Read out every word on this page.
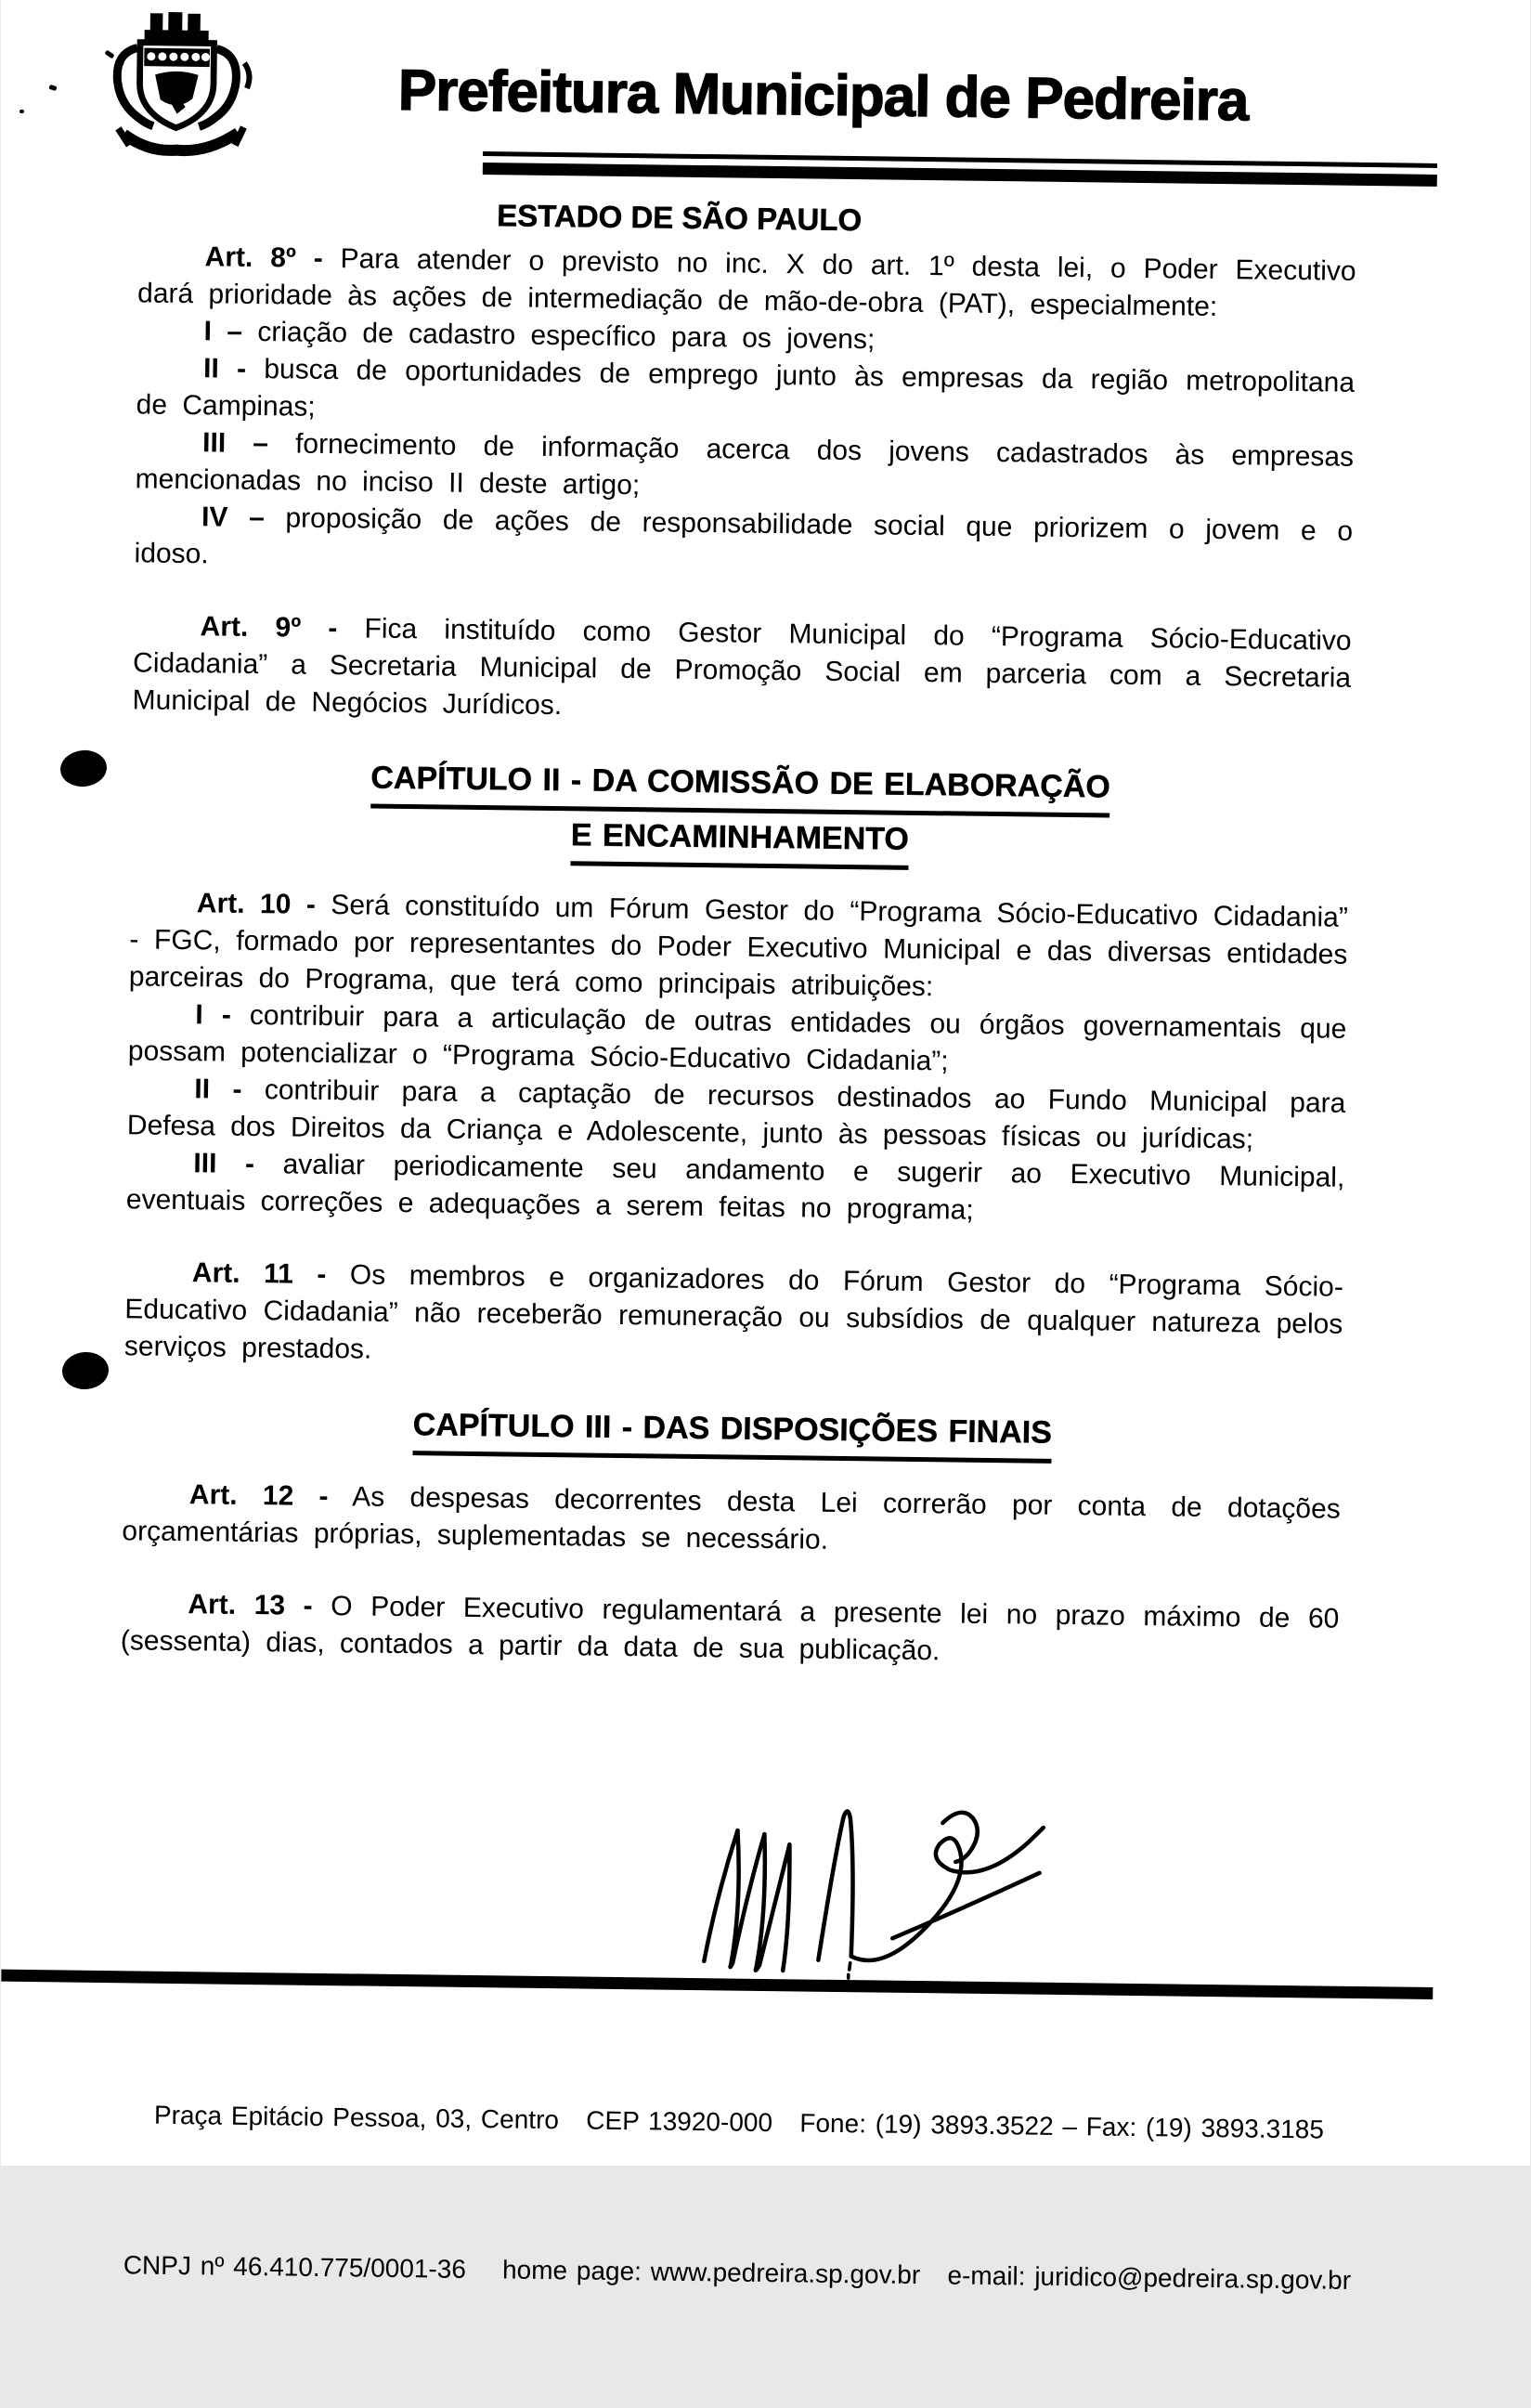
Prefeitura Municipal de Pedreira
ESTADO DE SÃO PAULO

Art. 8º - Para atender o previsto no inc. X do art. 1º desta lei, o Poder Executivo dará prioridade às ações de intermediação de mão-de-obra (PAT), especialmente:

I – criação de cadastro específico para os jovens;

II - busca de oportunidades de emprego junto às empresas da região metropolitana de Campinas;

III – fornecimento de informação acerca dos jovens cadastrados às empresas mencionadas no inciso II deste artigo;

IV – proposição de ações de responsabilidade social que priorizem o jovem e o idoso.

Art. 9º - Fica instituído como Gestor Municipal do “Programa Sócio-Educativo Cidadania” a Secretaria Municipal de Promoção Social em parceria com a Secretaria Municipal de Negócios Jurídicos.

CAPÍTULO II - DA COMISSÃO DE ELABORAÇÃO
E ENCAMINHAMENTO

Art. 10 - Será constituído um Fórum Gestor do “Programa Sócio-Educativo Cidadania” - FGC, formado por representantes do Poder Executivo Municipal e das diversas entidades parceiras do Programa, que terá como principais atribuições:

I - contribuir para a articulação de outras entidades ou órgãos governamentais que possam potencializar o “Programa Sócio-Educativo Cidadania”;

II - contribuir para a captação de recursos destinados ao Fundo Municipal para Defesa dos Direitos da Criança e Adolescente, junto às pessoas físicas ou jurídicas;

III - avaliar periodicamente seu andamento e sugerir ao Executivo Municipal, eventuais correções e adequações a serem feitas no programa;

Art. 11 - Os membros e organizadores do Fórum Gestor do “Programa Sócio-Educativo Cidadania” não receberão remuneração ou subsídios de qualquer natureza pelos serviços prestados.

CAPÍTULO III - DAS DISPOSIÇÕES FINAIS

Art. 12 - As despesas decorrentes desta Lei correrão por conta de dotações orçamentárias próprias, suplementadas se necessário.

Art. 13 - O Poder Executivo regulamentará a presente lei no prazo máximo de 60 (sessenta) dias, contados a partir da data de sua publicação.

Praça Epitácio Pessoa, 03, Centro   CEP 13920-000   Fone: (19) 3893.3522 – Fax: (19) 3893.3185

CNPJ nº 46.410.775/0001-36    home page: www.pedreira.sp.gov.br   e-mail: juridico@pedreira.sp.gov.br
